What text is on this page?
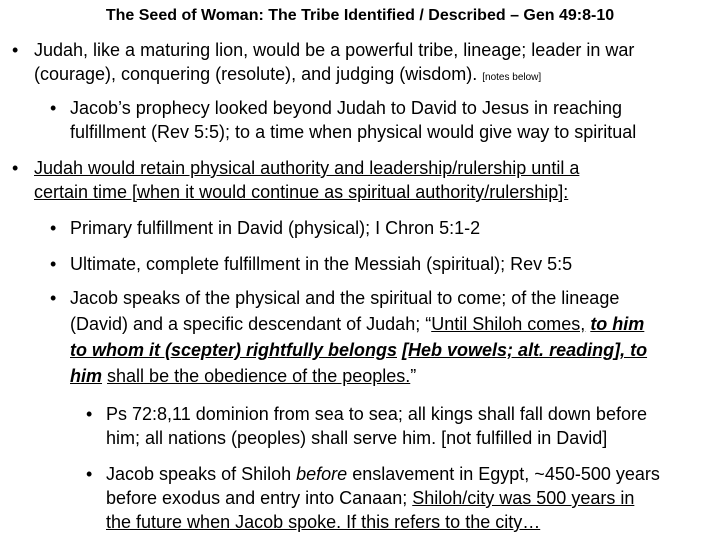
The Seed of Woman: The Tribe Identified / Described – Gen 49:8-10
• Judah, like a maturing lion, would be a powerful tribe, lineage; leader in war
(courage), conquering (resolute), and judging (wisdom). [notes below]
• Jacob’s prophecy looked beyond Judah to David to Jesus in reaching
fulfillment (Rev 5:5); to a time when physical would give way to spiritual
• Judah would retain physical authority and leadership/rulership until a
certain time [when it would continue as spiritual authority/rulership]:
• Primary fulfillment in David (physical); I Chron 5:1-2
• Ultimate, complete fulfillment in the Messiah (spiritual); Rev 5:5
• Jacob speaks of the physical and the spiritual to come; of the lineage
(David) and a specific descendant of Judah; “Until Shiloh comes, to him
to whom it (scepter) rightfully belongs [Heb vowels; alt. reading], to
him shall be the obedience of the peoples.”
• Ps 72:8,11 dominion from sea to sea; all kings shall fall down before
him; all nations (peoples) shall serve him. [not fulfilled in David]
• Jacob speaks of Shiloh before enslavement in Egypt, ~450-500 years
before exodus and entry into Canaan; Shiloh/city was 500 years in
the future when Jacob spoke. If this refers to the city…
